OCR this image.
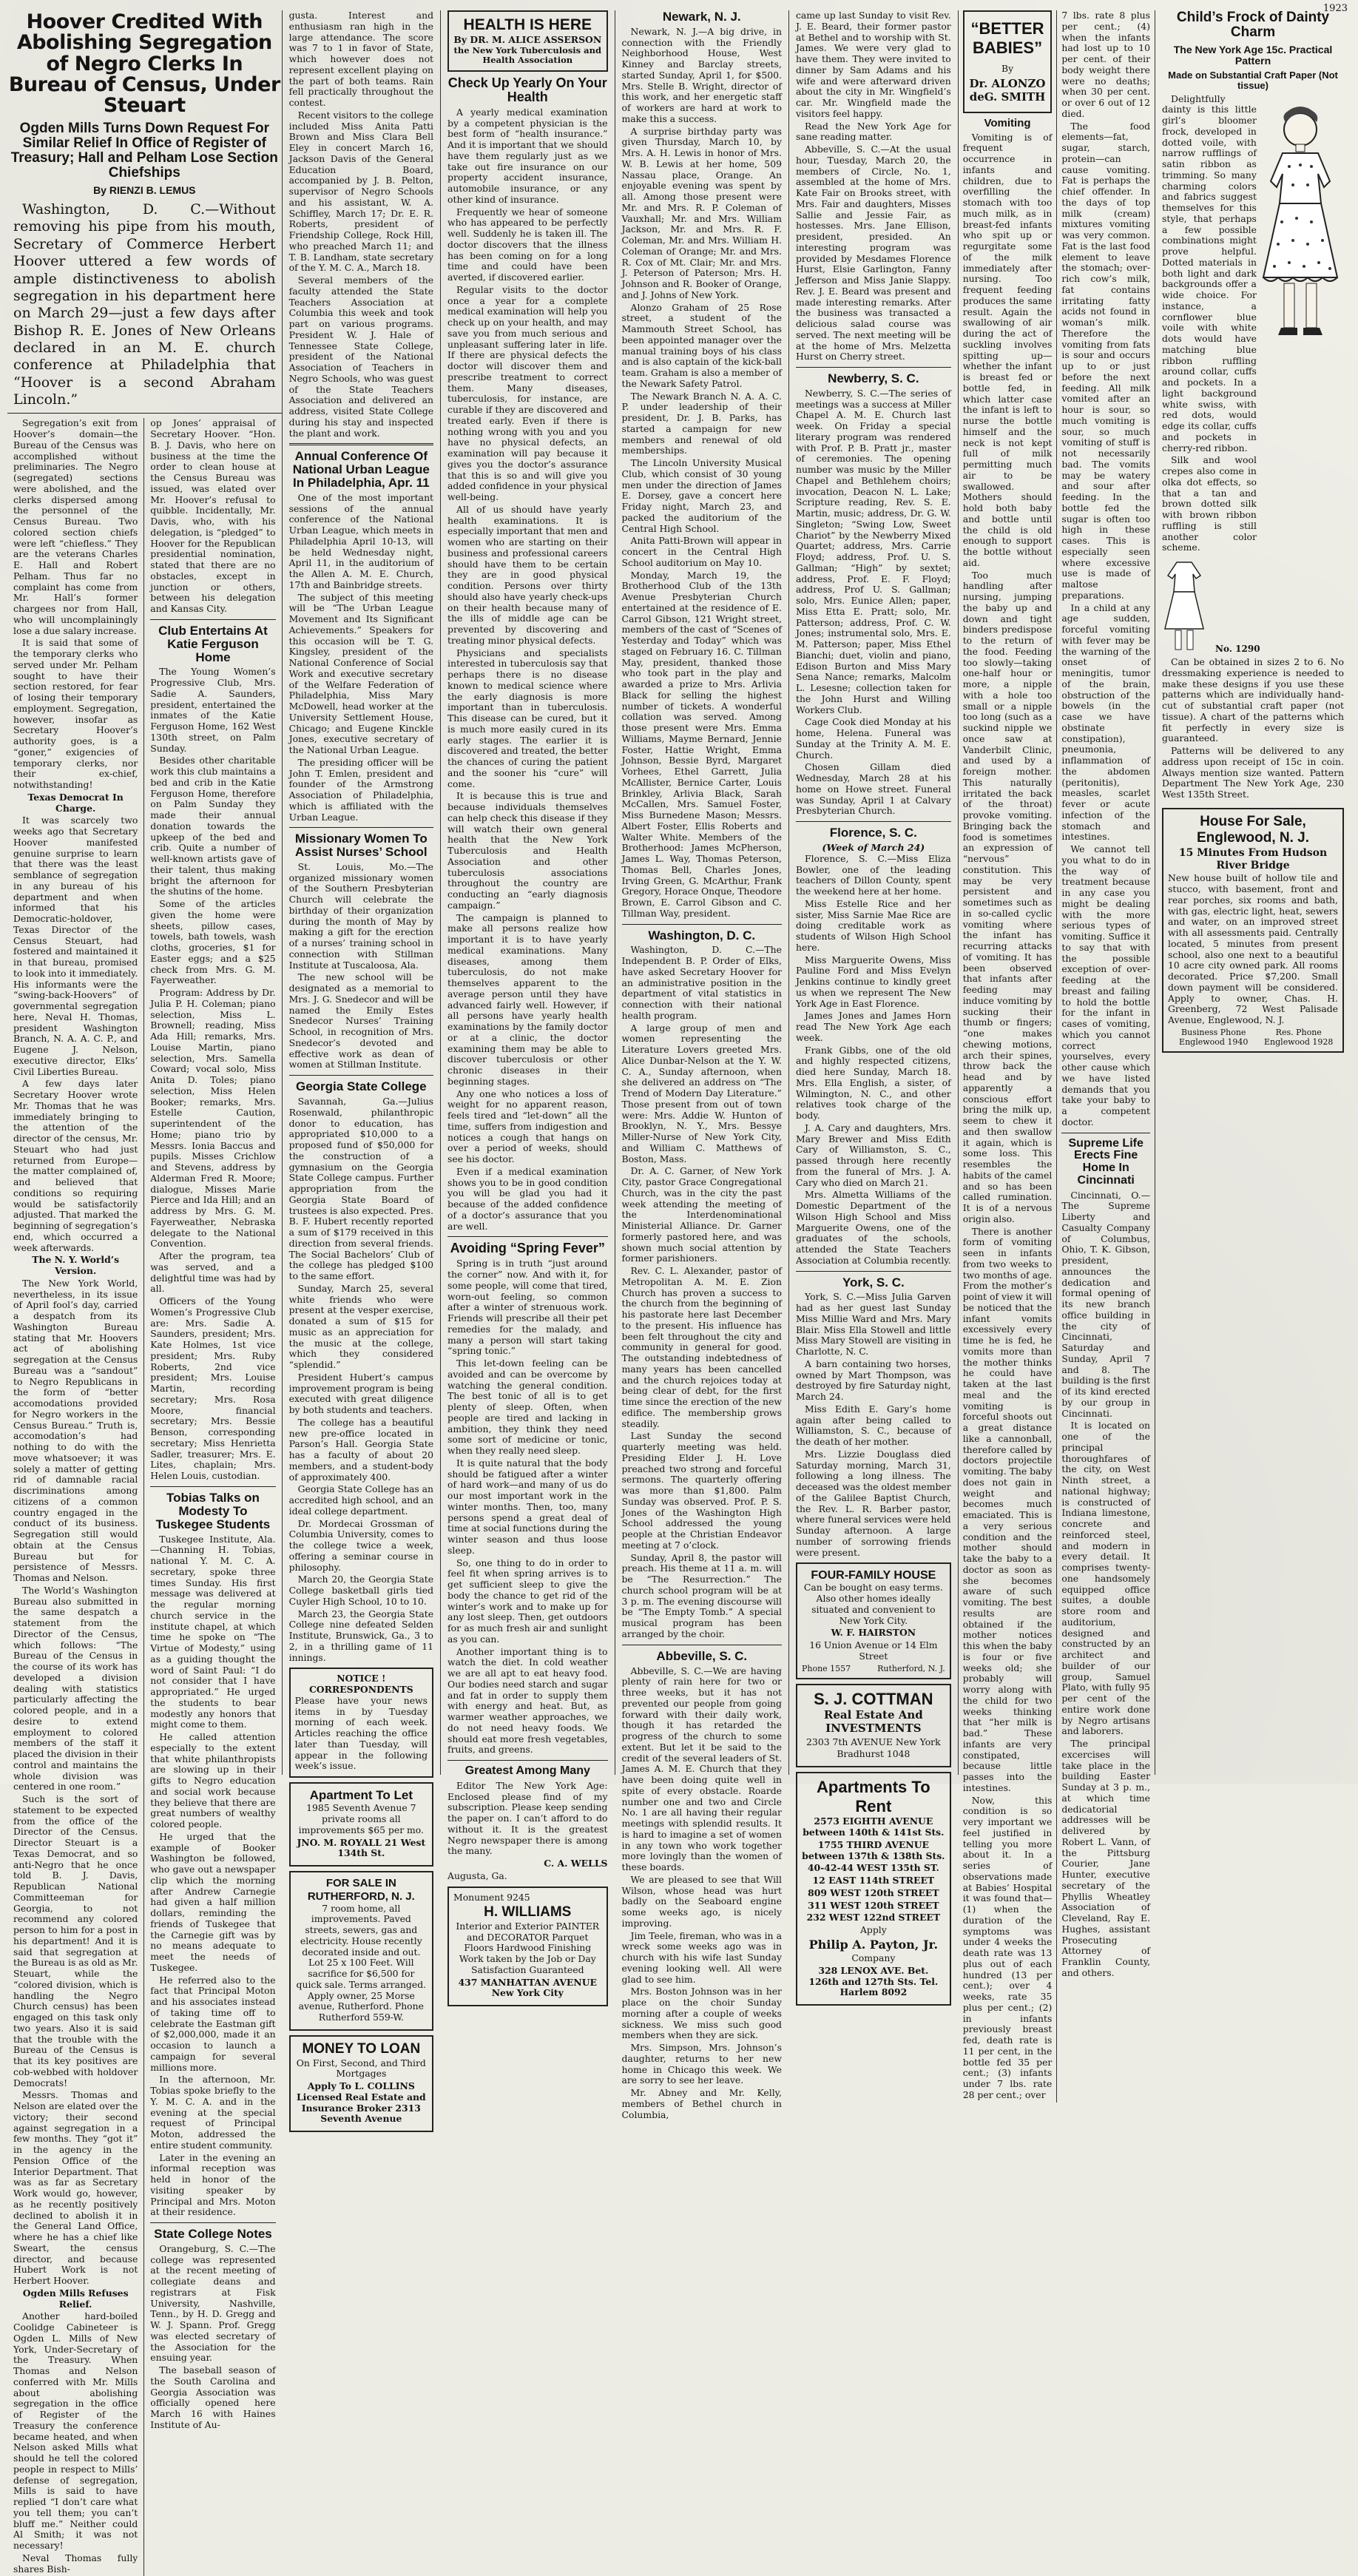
1923
Hoover Credited With Abolishing Segregation of Negro Clerks In Bureau of Census, Under Steuart
Ogden Mills Turns Down Request For Similar Relief In Office of Register of Treasury; Hall and Pelham Lose Section Chiefships
By RIENZI B. LEMUS

Washington, D. C.—Without removing his pipe from his mouth, Secretary of Commerce Herbert Hoover uttered a few words of ample distinctiveness to abolish segregation in his department here on March 29—just a few days after Bishop R. E. Jones of New Orleans declared in an M. E. church conference at Philadelphia that “Hoover is a second Abraham Lincoln.”

Segregation’s exit from Hoover’s domain—the Bureau of the Census was accomplished without preliminaries. The Negro (segregated) sections were abolished, and the clerks dispersed among the personnel of the Census Bureau. Two colored section chiefs were left “chiefless.” They are the veterans Charles E. Hall and Robert Pelham. Thus far no complaint has come from Mr. Hall’s former chargees nor from Hall, who will uncomplainingly lose a due salary increase.

It is said that some of the temporary clerks who served under Mr. Pelham sought to have their section restored, for fear of losing their temporary employment. Segregation, however, insofar as Secretary Hoover’s authority goes, is a “goner,” exigencies of temporary clerks, nor their ex-chief, notwithstanding!

Texas Democrat In Charge.

It was scarcely two weeks ago that Secretary Hoover manifested genuine surprise to learn that there was the least semblance of segregation in any bureau of his department and when informed that his Democratic-holdover, Texas Director of the Census Steuart, had fostered and maintained it in that bureau, promised to look into it immediately. His informants were the “swing-back-Hoovers” of governmental segregation here, Neval H. Thomas, president Washington Branch, N. A. A. C. P., and Eugene J. Nelson, executive director, Elks’ Civil Liberties Bureau.

A few days later Secretary Hoover wrote Mr. Thomas that he was immediately bringing to the attention of the director of the census, Mr. Steuart who had just returned from Europe—the matter complained of, and believed that conditions so requiring would be satisfactorily adjusted. That marked the beginning of segregation’s end, which occurred a week afterwards.

The N. Y. World’s Version.

The New York World, nevertheless, in its issue of April fool’s day, carried a despatch from its Washington Bureau stating that Mr. Hoovers act of abolishing segregation at the Census Bureau was a “sandout” to Negro Republicans in the form of “better accomodations provided for Negro workers in the Census Bureau.” Truth is, accomodation’s had nothing to do with the move whatsoever; it was solely a matter of getting rid of damnable racial discriminations among citizens of a common country engaged in the conduct of its business. Segregation still would obtain at the Census Bureau but for persistence of Messrs. Thomas and Nelson.

The World’s Washington Bureau also submitted in the same despatch a statement from the Director of the Census, which follows: “The Bureau of the Census in the course of its work has developed a division dealing with statistics particularly affecting the colored people, and in a desire to extend employment to colored members of the staff it placed the division in their control and maintains the whole division was centered in one room.”

Such is the sort of statement to be expected from the office of the Director of the Census. Director Steuart is a Texas Democrat, and so anti-Negro that he once told B. J. Davis, Republican National Committeeman for Georgia, to not recommend any colored person to him for a post in his department! And it is said that segregation at the Bureau is as old as Mr. Steuart, while the “colored division, which is handling the Negro Church census) has been engaged on this task only two years. Also it is said that the trouble with the Bureau of the Census is that its key positives are cob-webbed with holdover Democrats!

Messrs. Thomas and Nelson are elated over the victory; their second against segregation in a few months. They “got it” in the agency in the Pension Office of the Interior Department. That was as far as Secretary Work would go, however, as he recently positively declined to abolish it in the General Land Office, where he has a chief like Sweart, the census director, and because Hubert Work is not Herbert Hoover.

Ogden Mills Refuses Relief.

Another hard-boiled Coolidge Cabineteer is Ogden L. Mills of New York, Under-Secretary of the Treasury. When Thomas and Nelson conferred with Mr. Mills about abolishing segregation in the office of Register of the Treasury the conference became heated, and when Nelson asked Mills what should he tell the colored people in respect to Mills’ defense of segregation, Mills is said to have replied “I don’t care what you tell them; you can’t bluff me.” Neither could Al Smith; it was not necessary!

Neval Thomas fully shares Bish-

op Jones’ appraisal of Secretary Hoover. “Hon. B. J. Davis, who here on business at the time the order to clean house at the Census Bureau was issued, was elated over Mr. Hoover’s refusal to quibble. Incidentally, Mr. Davis, who, with his delegation, is “pledged” to Hoover for the Republican presidential nomination, stated that there are no obstacles, except in junction or others, between his delegation and Kansas City.

Club Entertains At Katie Ferguson Home

The Young Women’s Progressive Club, Mrs. Sadie A. Saunders, president, entertained the inmates of the Katie Ferguson Home, 162 West 130th street, on Palm Sunday.

Besides other charitable work this club maintains a bed and crib in the Katie Ferguson Home, therefore on Palm Sunday they made their annual donation towards the upkeep of the bed and crib. Quite a number of well-known artists gave of their talent, thus making bright the afternoon for the shutins of the home.

Some of the articles given the home were sheets, pillow cases, towels, bath towels, wash cloths, groceries, $1 for Easter eggs; and a $25 check from Mrs. G. M. Fayerweather.

Program: Address by Dr. Julia P. H. Coleman; piano selection, Miss L. Brownell; reading, Miss Ada Hill; remarks, Mrs. Louise Martin, piano selection, Mrs. Samella Coward; vocal solo, Miss Anita D. Toles; piano selection, Miss Helen Booker; remarks, Mrs. Estelle Caution, superintendent of the Home; piano trio by Messrs. Ionia Baccus and pupils. Misses Crichlow and Stevens, address by Alderman Fred R. Moore; dialogue, Misses Marie Pierce and Ida Hill; and an address by Mrs. G. M. Fayerweather, Nebraska delegate to the National Convention.

After the program, tea was served, and a delightful time was had by all.

Officers of the Young Women’s Progressive Club are: Mrs. Sadie A. Saunders, president; Mrs. Kate Holmes, 1st vice president; Mrs. Ruby Roberts, 2nd vice president; Mrs. Louise Martin, recording secretary; Mrs. Rosa Moore, financial secretary; Mrs. Bessie Benson, corresponding secretary; Miss Henrietta Sadler, treasurer; Mrs. E. Lites, chaplain; Mrs. Helen Louis, custodian.

Tobias Talks on Modesty To Tuskegee Students

Tuskegee Institute, Ala.—Channing H. Tobias, national Y. M. C. A. secretary, spoke three times Sunday. His first message was delivered at the regular morning church service in the institute chapel, at which time he spoke on “The Virtue of Modesty,” using as a guiding thought the word of Saint Paul: “I do not consider that I have appropriated.” He urged the students to bear modestly any honors that might come to them.

He called attention especially to the extent that white philanthropists are slowing up in their gifts to Negro education and social work because they believe that there are great numbers of wealthy colored people.

He urged that the example of Booker Washington be followed, who gave out a newspaper clip which the morning after Andrew Carnegie had given a half million dollars, reminding the friends of Tuskegee that the Carnegie gift was by no means adequate to meet the needs of Tuskegee.

He referred also to the fact that Principal Moton and his associates instead of taking time off to celebrate the Eastman gift of $2,000,000, made it an occasion to launch a campaign for several millions more.

In the afternoon, Mr. Tobias spoke briefly to the Y. M. C. A. and in the evening at the special request of Principal Moton, addressed the entire student community.

Later in the evening an informal reception was held in honor of the visiting speaker by Principal and Mrs. Moton at their residence.

State College Notes

Orangeburg, S. C.—The college was represented at the recent meeting of collegiate deans and registrars at Fisk University, Nashville, Tenn., by H. D. Gregg and W. J. Spann. Prof. Gregg was elected secretary of the Association for the ensuing year.

The baseball season of the South Carolina and Georgia Association was officially opened here March 16 with Haines Institute of Au-

gusta. Interest and enthusiasm ran high in the large attendance. The score was 7 to 1 in favor of State, which however does not represent excellent playing on the part of both teams. Rain fell practically throughout the contest.

Recent visitors to the college included Miss Anita Patti Brown and Miss Clara Bell Eley in concert March 16, Jackson Davis of the General Education Board, accompanied by J. B. Pelton, supervisor of Negro Schools and his assistant, W. A. Schiffley, March 17; Dr. E. R. Roberts, president of Friendship College, Rock Hill, who preached March 11; and T. B. Landham, state secretary of the Y. M. C. A., March 18.

Several members of the faculty attended the State Teachers Association at Columbia this week and took part on various programs. President W. J. Hale of Tennessee State College, president of the National Association of Teachers in Negro Schools, who was guest of the State Teachers Association and delivered an address, visited State College during his stay and inspected the plant and work.

Annual Conference Of National Urban League In Philadelphia, Apr. 11

One of the most important sessions of the annual conference of the National Urban League, which meets in Philadelphia April 10-13, will be held Wednesday night, April 11, in the auditorium of the Allen A. M. E. Church, 17th and Bainbridge streets.

The subject of this meeting will be “The Urban League Movement and Its Significant Achievements.” Speakers for this occasion will be T. G. Kingsley, president of the National Conference of Social Work and executive secretary of the Welfare Federation of Philadelphia, Miss Mary McDowell, head worker at the University Settlement House, Chicago; and Eugene Kinckle Jones, executive secretary of the National Urban League.

The presiding officer will be John T. Emlen, president and founder of the Armstrong Association of Philadelphia, which is affiliated with the Urban League.

Missionary Women To Assist Nurses’ School

St. Louis, Mo.—The organized missionary women of the Southern Presbyterian Church will celebrate the birthday of their organization during the month of May by making a gift for the erection of a nurses’ training school in connection with Stillman Institute at Tuscaloosa, Ala.

The new school will be designated as a memorial to Mrs. J. G. Snedecor and will be named the Emily Estes Snedecor Nurses’ Training School, in recognition of Mrs. Snedecor’s devoted and effective work as dean of women at Stillman Institute.

Georgia State College

Savannah, Ga.—Julius Rosenwald, philanthropic donor to education, has appropriated $10,000 to a proposed fund of $50,000 for the construction of a gymnasium on the Georgia State College campus. Further appropriation from the Georgia State Board of trustees is also expected. Pres. B. F. Hubert recently reported a sum of $179 received in this direction from several friends. The Social Bachelors’ Club of the college has pledged $100 to the same effort.

Sunday, March 25, several white friends who were present at the vesper exercise, donated a sum of $15 for music as an appreciation for the music at the college, which they considered “splendid.”

President Hubert’s campus improvement program is being executed with great diligence by both students and teachers.

The college has a beautiful new pre-office located in Parson’s Hall. Georgia State has a faculty of about 20 members, and a student-body of approximately 400.

Georgia State College has an accredited high school, and an ideal college department.

Dr. Mordecai Grossman of Columbia University, comes to the college twice a week, offering a seminar course in philosophy.

March 20, the Georgia State College basketball girls tied Cuyler High School, 10 to 10.

March 23, the Georgia State College nine defeated Selden Institute, Brunswick, Ga., 3 to 2, in a thrilling game of 11 innings.

NOTICE ! CORRESPONDENTS
Please have your news items in by Tuesday morning of each week. Articles reaching the office later than Tuesday, will appear in the following week’s issue.
Apartment To Let

1985 Seventh Avenue 7 private rooms all improvements $65 per mo.

JNO. M. ROYALL 21 West 134th St.

FOR SALE IN RUTHERFORD, N. J.

7 room home, all improvements. Paved streets, sewers, gas and electricity. House recently decorated inside and out. Lot 25 x 100 Feet. Will sacrifice for $6,500 for quick sale. Terms arranged. Apply owner, 25 Morse avenue, Rutherford. Phone Rutherford 559-W.

MONEY TO LOAN

On First, Second, and Third Mortgages

Apply To L. COLLINS Licensed Real Estate and Insurance Broker 2313 Seventh Avenue

HEALTH IS HERE
By DR. M. ALICE ASSERSON
the New York Tuberculosis and Health Association
Check Up Yearly On Your Health

A yearly medical examination by a competent physician is the best form of “health insurance.” And it is important that we should have them regularly just as we take out fire insurance on our property accident insurance, automobile insurance, or any other kind of insurance.

Frequently we hear of someone who has appeared to be perfectly well. Suddenly he is taken ill. The doctor discovers that the illness has been coming on for a long time and could have been averted, if discovered earlier.

Regular visits to the doctor once a year for a complete medical examination will help you check up on your health, and may save you from much serious and unpleasant suffering later in life. If there are physical defects the doctor will discover them and prescribe treatment to correct them. Many diseases, tuberculosis, for instance, are curable if they are discovered and treated early. Even if there is nothing wrong with you and you have no physical defects, an examination will pay because it gives you the doctor’s assurance that this is so and will give you added confidence in your physical well-being.

All of us should have yearly health examinations. It is especially important that men and women who are starting on their business and professional careers should have them to be certain they are in good physical condition. Persons over thirty should also have yearly check-ups on their health because many of the ills of middle age can be prevented by discovering and treating minor physical defects.

Physicians and specialists interested in tuberculosis say that perhaps there is no disease known to medical science where the early diagnosis is more important than in tuberculosis. This disease can be cured, but it is much more easily cured in its early stages. The earlier it is discovered and treated, the better the chances of curing the patient and the sooner his “cure” will come.

It is because this is true and because individuals themselves can help check this disease if they will watch their own general health that the New York Tuberculosis and Health Association and other tuberculosis associations throughout the country are conducting an “early diagnosis campaign.”

The campaign is planned to make all persons realize how important it is to have yearly medical examinations. Many diseases, among them tuberculosis, do not make themselves apparent to the average person until they have advanced fairly well. However, if all persons have yearly health examinations by the family doctor or at a clinic, the doctor examining them may be able to discover tuberculosis or other chronic diseases in their beginning stages.

Any one who notices a loss of weight for no apparent reason, feels tired and “let-down” all the time, suffers from indigestion and notices a cough that hangs on over a period of weeks, should see his doctor.

Even if a medical examination shows you to be in good condition you will be glad you had it because of the added confidence of a doctor’s assurance that you are well.

Avoiding “Spring Fever”

Spring is in truth “just around the corner” now. And with it, for some people, will come that tired, worn-out feeling, so common after a winter of strenuous work. Friends will prescribe all their pet remedies for the malady, and many a person will start taking “spring tonic.”

This let-down feeling can be avoided and can be overcome by watching the general condition. The best tonic of all is to get plenty of sleep. Often, when people are tired and lacking in ambition, they think they need some sort of medicine or tonic, when they really need sleep.

It is quite natural that the body should be fatigued after a winter of hard work—and many of us do our most important work in the winter months. Then, too, many persons spend a great deal of time at social functions during the winter season and thus loose sleep.

So, one thing to do in order to feel fit when spring arrives is to get sufficient sleep to give the body the chance to get rid of the winter’s work and to make up for any lost sleep. Then, get outdoors for as much fresh air and sunlight as you can.

Another important thing is to watch the diet. In cold weather we are all apt to eat heavy food. Our bodies need starch and sugar and fat in order to supply them with energy and heat. But, as warmer weather approaches, we do not need heavy foods. We should eat more fresh vegetables, fruits, and greens.

Greatest Among Many

Editor The New York Age: Enclosed please find of my subscription. Please keep sending the paper on. I can’t afford to do without it. It is the greatest Negro newspaper there is among the many.

C. A. WELLS

Augusta, Ga.

Monument 9245

H. WILLIAMS

Interior and Exterior PAINTER and DECORATOR Parquet Floors Hardwood Finishing Work taken by the Job or Day Satisfaction Guaranteed

437 MANHATTAN AVENUE New York City

Newark, N. J.

Newark, N. J.—A big drive, in connection with the Friendly Neighborhood House, West Kinney and Barclay streets, started Sunday, April 1, for $500. Mrs. Stelle B. Wright, director of this work, and her energetic staff of workers are hard at work to make this a success.

A surprise birthday party was given Thursday, March 10, by Mrs. A. H. Lewis in honor of Mrs. W. B. Lewis at her home, 509 Nassau place, Orange. An enjoyable evening was spent by all. Among those present were Mr. and Mrs. R. P. Coleman of Vauxhall; Mr. and Mrs. William Jackson, Mr. and Mrs. R. F. Coleman, Mr. and Mrs. William H. Coleman of Orange; Mr. and Mrs. R. Cox of Mt. Clair; Mr. and Mrs. J. Peterson of Paterson; Mrs. H. Johnson and R. Booker of Orange, and J. Johns of New York.

Alonzo Graham of 25 Rose street, a student of the Mammouth Street School, has been appointed manager over the manual training boys of his class and is also captain of the kick-ball team. Graham is also a member of the Newark Safety Patrol.

The Newark Branch N. A. A. C. P. under leadership of their president, Dr. J. B. Parks, has started a campaign for new members and renewal of old memberships.

The Lincoln University Musical Club, which consist of 30 young men under the direction of James E. Dorsey, gave a concert here Friday night, March 23, and packed the auditorium of the Central High School.

Anita Patti-Brown will appear in concert in the Central High School auditorium on May 10.

Monday, March 19, the Brotherhood Club of the 13th Avenue Presbyterian Church entertained at the residence of E. Carrol Gibson, 121 Wright street, members of the cast of “Scenes of Yesterday and Today” which was staged on February 16. C. Tillman May, president, thanked those who took part in the play and awarded a prize to Mrs. Arlivia Black for selling the highest number of tickets. A wonderful collation was served. Among those present were Mrs. Emma Williams, Mayme Bernard, Jennie Foster, Hattie Wright, Emma Johnson, Bessie Byrd, Margaret Vorhees, Ethel Garrett, Julia McAllister, Bernice Carter, Louis Brinkley, Arlivia Black, Sarah McCallen, Mrs. Samuel Foster, Miss Burnedene Mason; Messrs. Albert Foster, Ellis Roberts and Walter White. Members of the Brotherhood: James McPherson, James L. Way, Thomas Peterson, Thomas Bell, Charles Jones, Irving Green, G. McArthur, Frank Gregory, Horace Onque, Theodore Brown, E. Carrol Gibson and C. Tillman Way, president.

Washington, D. C.

Washington, D. C.—The Independent B. P. Order of Elks, have asked Secretary Hoover for an administrative position in the department of vital statistics in connection with their national health program.

A large group of men and women representing the Literature Lovers greeted Mrs. Alice Dunbar-Nelson at the Y. W. C. A., Sunday afternoon, when she delivered an address on “The Trend of Modern Day Literature.” Those present from out of town were: Mrs. Addie W. Hunton of Brooklyn, N. Y., Mrs. Bessye Miller-Nurse of New York City, and William C. Matthews of Boston, Mass.

Dr. A. C. Garner, of New York City, pastor Grace Congregational Church, was in the city the past week attending the meeting of the Interdenominational Ministerial Alliance. Dr. Garner formerly pastored here, and was shown much social attention by former parishioners.

Rev. C. L. Alexander, pastor of Metropolitan A. M. E. Zion Church has proven a success to the church from the beginning of his pastorate here last December to the present. His influence has been felt throughout the city and community in general for good. The outstanding indebtedness of many years has been cancelled and the church rejoices today at being clear of debt, for the first time since the erection of the new edifice. The membership grows steadily.

Last Sunday the second quarterly meeting was held. Presiding Elder J. H. Love preached two strong and forceful sermons. The quarterly offering was more than $1,800. Palm Sunday was observed. Prof. P. S. Jones of the Washington High School addressed the young people at the Christian Endeavor meeting at 7 o’clock.

Sunday, April 8, the pastor will preach. His theme at 11 a. m. will be “The Resurrection.” The church school program will be at 3 p. m. The evening discourse will be “The Empty Tomb.” A special musical program has been arranged by the choir.

Abbeville, S. C.

Abbeville, S. C.—We are having plenty of rain here for two or three weeks, but it has not prevented our people from going forward with their daily work, though it has retarded the progress of the church to some extent. But let it be said to the credit of the several leaders of St. James A. M. E. Church that they have been doing quite well in spite of every obstacle. Roarde number one and two and Circle No. 1 are all having their regular meetings with splendid results. It is hard to imagine a set of women in any town who work together more lovingly than the women of these boards.

We are pleased to see that Will Wilson, whose head was hurt badly on the Seaboard engine some weeks ago, is nicely improving.

Jim Teele, fireman, who was in a wreck some weeks ago was in church with his wife last Sunday evening looking well. All were glad to see him.

Mrs. Boston Johnson was in her place on the choir Sunday morning after a couple of weeks sickness. We miss such good members when they are sick.

Mrs. Simpson, Mrs. Johnson’s daughter, returns to her new home in Chicago this week. We are sorry to see her leave.

Mr. Abney and Mr. Kelly, members of Bethel church in Columbia,

came up last Sunday to visit Rev. J. E. Beard, their former pastor at Bethel and to worship with St. James. We were very glad to have them. They were invited to dinner by Sam Adams and his wife and were afterward driven about the city in Mr. Wingfield’s car. Mr. Wingfield made the visitors feel happy.

Read the New York Age for sane reading matter.

Abbeville, S. C.—At the usual hour, Tuesday, March 20, the members of Circle, No. 1, assembled at the home of Mrs. Kate Fair on Brooks street, with Mrs. Fair and daughters, Misses Sallie and Jessie Fair, as hostesses. Mrs. Jane Ellison, president, presided. An interesting program was provided by Mesdames Florence Hurst, Elsie Garlington, Fanny Jefferson and Miss Janie Slappy. Rev. J. E. Beard was present and made interesting remarks. After the business was transacted a delicious salad course was served. The next meeting will be at the home of Mrs. Melzetta Hurst on Cherry street.

Newberry, S. C.

Newberry, S. C.—The series of meetings was a success at Miller Chapel A. M. E. Church last week. On Friday a special literary program was rendered with Prof. P. B. Pratt jr., master of ceremonies. The opening number was music by the Miller Chapel and Bethlehem choirs; invocation, Deacon N. L. Lake; Scripture reading, Rev. S. E. Martin, music; address, Dr. G. W. Singleton; “Swing Low, Sweet Chariot” by the Newberry Mixed Quartet; address, Mrs. Carrie Floyd; address, Prof. U. S. Gallman; “High” by sextet; address, Prof. E. F. Floyd; address, Prof U. S. Gallman; solo, Mrs. Eunice Allen; paper, Miss Etta E. Pratt; solo, Mr. Patterson; address, Prof. C. W. Jones; instrumental solo, Mrs. E. M. Patterson; paper, Miss Ethel Bianchi; duet, violin and piano, Edison Burton and Miss Mary Sena Nance; remarks, Malcolm L. Lesesne; collection taken for the John Hurst and Willing Workers Club.

Cage Cook died Monday at his home, Helena. Funeral was Sunday at the Trinity A. M. E. Church.

Chosen Gillam died Wednesday, March 28 at his home on Howe street. Funeral was Sunday, April 1 at Calvary Presbyterian Church.

Florence, S. C.
(Week of March 24)

Florence, S. C.—Miss Eliza Bowler, one of the leading teachers of Dillon County, spent the weekend here at her home.

Miss Estelle Rice and her sister, Miss Sarnie Mae Rice are doing creditable work as students of Wilson High School here.

Miss Marguerite Owens, Miss Pauline Ford and Miss Evelyn Jenkins continue to kindly greet us when we represent The New York Age in East Florence.

James Jones and James Horn read The New York Age each week.

Frank Gibbs, one of the old and highly respected citizens, died here Sunday, March 18. Mrs. Ella English, a sister, of Wilmington, N. C., and other relatives took charge of the body.

J. A. Cary and daughters, Mrs. Mary Brewer and Miss Edith Cary of Williamston, S. C., passed through here recently from the funeral of Mrs. J. A. Cary who died on March 21.

Mrs. Almetta Williams of the Domestic Department of the Wilson High School and Miss Marguerite Owens, one of the graduates of the schools, attended the State Teachers Association at Columbia recently.

York, S. C.

York, S. C.—Miss Julia Garven had as her guest last Sunday Miss Millie Ward and Mrs. Mary Blair. Miss Ella Stowell and little Miss Mary Stowell are visiting in Charlotte, N. C.

A barn containing two horses, owned by Mart Thompson, was destroyed by fire Saturday night, March 24.

Miss Edith E. Gary’s home again after being called to Williamston, S. C., because of the death of her mother.

Mrs. Lizzie Douglass died Saturday morning, March 31, following a long illness. The deceased was the oldest member of the Galilee Baptist Church, the Rev. L. R. Barber pastor, where funeral services were held Sunday afternoon. A large number of sorrowing friends were present.

FOUR-FAMILY HOUSE

Can be bought on easy terms. Also other homes ideally situated and convenient to New York City.

W. F. HAIRSTON

16 Union Avenue or 14 Elm Street

Phone 1557	Rutherford, N. J.
S. J. COTTMAN

Real Estate And INVESTMENTS

2303 7th AVENUE New York

Bradhurst 1048

Apartments To Rent

2573 EIGHTH AVENUE between 140th & 141st Sts.

1755 THIRD AVENUE between 137th & 138th Sts.

40-42-44 WEST 135th ST.

12 EAST 114th STREET

809 WEST 120th STREET

311 WEST 120th STREET

232 WEST 122nd STREET

Apply

Philip A. Payton, Jr.

Company

328 LENOX AVE. Bet. 126th and 127th Sts. Tel. Harlem 8092

“BETTER BABIES”
By
Dr. ALONZO deG. SMITH
Vomiting

Vomiting is of frequent occurrence in infants and children, due to overfilling the stomach with too much milk, as in breast-fed infants who spit up or regurgitate some of the milk immediately after nursing. Too frequent feeding produces the same result. Again the swallowing of air during the act of suckling involves spitting up—whether the infant is breast fed or bottle fed, in which latter case the infant is left to nurse the bottle himself and the neck is not kept full of milk permitting much air to be swallowed. Mothers should hold both baby and bottle until the child is old enough to support the bottle without aid.

Too much handling after nursing, jumping the baby up and down and tight binders predispose to the return of the food. Feeding too slowly—taking one-half hour or more, a nipple with a hole too small or a nipple too long (such as a suckind nipple we once saw at Vanderbilt Clinic, and used by a foreign mother. This naturally irritated the back of the throat) provoke vomiting. Bringing back the food is sometimes an expression of “nervous” constitution. This may be very persistent and sometimes such as in so-called cyclic vomiting where the infant has recurring attacks of vomiting. It has been observed that infants after feeding may induce vomiting by sucking their thumb or fingers; “one makes chewing motions, arch their spines, throw back the head and by apparently a conscious effort bring the milk up, seem to chew it and then swallow it again, which is some loss. This resembles the habits of the camel and so has been called rumination. It is of a nervous origin also.

There is another form of vomiting seen in infants from two weeks to two months of age. From the mother’s point of view it will be noticed that the infant vomits excessively every time he is fed, he vomits more than the mother thinks he could have taken at the last meal and the vomiting is forceful shoots out a great distance like a cannonball, therefore called by doctors projectile vomiting. The baby does not gain in weight and becomes much emaciated. This is a very serious condition and the mother should take the baby to a doctor as soon as she becomes aware of such vomiting. The best results are obtained if the mother notices this when the baby is four or five weeks old; she probably will worry along with the child for two weeks thinking that “her milk is bad.” These infants are very constipated, because little passes into the intestines.

Now, this condition is so very important we feel justified in telling you more about it. In a series of observations made at Babies’ Hospital it was found that—(1) when the duration of the symptoms was under 4 weeks the death rate was 13 plus out of each hundred (13 per cent.); over 4 weeks, rate 35 plus per cent.; (2) in infants previously breast fed, death rate is 11 per cent, in the bottle fed 35 per cent.; (3) infants under 7 lbs. rate 28 per cent.; over

7 lbs. rate 8 plus per cent.; (4) when the infants had lost up to 10 per cent. of their body weight there were no deaths; when 30 per cent. or over 6 out of 12 died.

The food elements—fat, sugar, starch, protein—can cause vomiting. Fat is perhaps the chief offender. In the days of top milk (cream) mixtures vomiting was very common. Fat is the last food element to leave the stomach; over-rich cow’s milk, fat contains irritating fatty acids not found in woman’s milk. Therefore the vomiting from fats is sour and occurs up to or just before the next feeding. All milk vomited after an hour is sour, so much vomiting is sour, so much vomiting of stuff is not necessarily bad. The vomits may be watery and sour after feeding. In the bottle fed the sugar is often too high in these cases. This is especially seen where excessive use is made of maltose preparations.

In a child at any age sudden, forceful vomiting with fever may be the warning of the onset of meningitis, tumor of the brain, obstruction of the bowels (in the case we have obstinate constipation), pneumonia, inflammation of the abdomen (peritonitis), measles, scarlet fever or acute infection of the stomach and intestines.

We cannot tell you what to do in the way of treatment because in any case you might be dealing with the more serious types of vomiting. Suffice it to say that with the possible exception of over-feeding at the breast and failing to hold the bottle for the infant in cases of vomiting, which you cannot correct yourselves, every other cause which we have listed demands that you take your baby to a competent doctor.

Supreme Life Erects Fine Home In Cincinnati

Cincinnati, O.—The Supreme Liberty and Casualty Company of Columbus, Ohio, T. K. Gibson, president, announces the dedication and formal opening of its new branch office building in the city of Cincinnati, Saturday and Sunday, April 7 and 8. The building is the first of its kind erected by our group in Cincinnati.

It is located on one of the principal thoroughfares of the city, on West Ninth street, a national highway; is constructed of Indiana limestone, concrete and reinforced steel, and modern in every detail. It comprises twenty-one handsomely equipped office suites, a double store room and auditorium, designed and constructed by an architect and builder of our group, Samuel Plato, with fully 95 per cent of the entire work done by Negro artisans and laborers.

The principal excercises will take place in the building Easter Sunday at 3 p. m., at which time dedicatorial addresses will be delivered by Robert L. Vann, of the Pittsburg Courier, Jane Hunter, executive secretary of the Phyllis Wheatley Association of Cleveland, Ray E. Hughes, assistant Prosecuting Attorney of Franklin County, and others.

Child’s Frock of Dainty Charm
The New York Age 15c. Practical Pattern
Made on Substantial Craft Paper (Not tissue)

Delightfully dainty is this little girl’s bloomer frock, developed in dotted voile, with narrow rufflings of satin ribbon as trimming. So many charming colors and fabrics suggest themselves for this style, that perhaps a few possible combinations might prove helpful. Dotted materials in both light and dark backgrounds offer a wide choice. For instance, a cornflower blue voile with white dots would have matching blue ribbon ruffling around collar, cuffs and pockets. In a light background white swiss, with red dots, would edge its collar, cuffs and pockets in cherry-red ribbon.

Silk and wool crepes also come in olka dot effects, so that a tan and brown dotted silk with brown ribbon ruffling is still another color scheme.

No. 1290

Can be obtained in sizes 2 to 6. No dressmaking experience is needed to make these designs if you use these patterns which are individually hand-cut of substantial craft paper (not tissue). A chart of the patterns which fit perfectly in every size is guaranteed.

Patterns will be delivered to any address upon receipt of 15c in coin. Always mention size wanted. Pattern Department The New York Age, 230 West 135th Street.

House For Sale, Englewood, N. J.

15 Minutes From Hudson River Bridge

New house built of hollow tile and stucco, with basement, front and rear porches, six rooms and bath, with gas, electric light, heat, sewers and water, on an improved street with all assessments paid. Centrally located, 5 minutes from present school, also one next to a beautiful 10 acre city owned park. All rooms decorated. Price $7,200. Small down payment will be considered. Apply to owner, Chas. H. Greenberg, 72 West Palisade Avenue, Englewood, N. J.

Business Phone Englewood 1940
Res. Phone Englewood 1928
